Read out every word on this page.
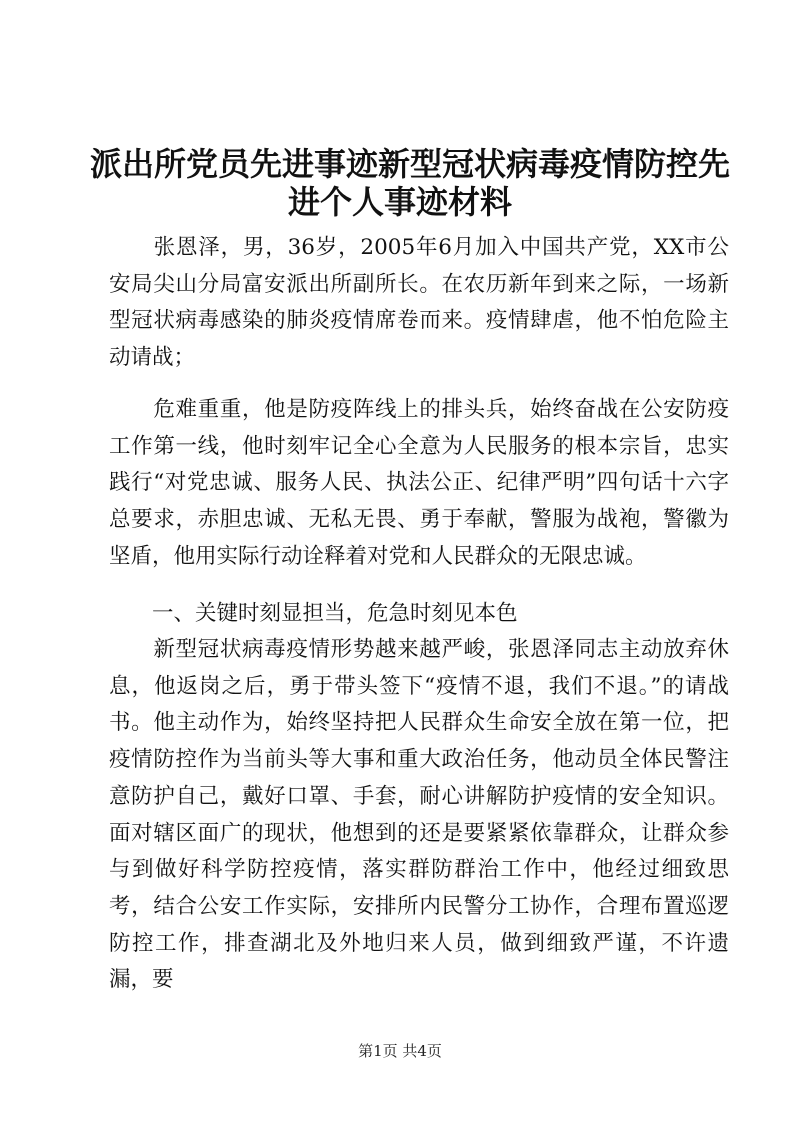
派出所党员先进事迹新型冠状病毒疫情防控先
进个人事迹材料

　　张恩泽，男，36岁，2005年6月加入中国共产党，XX市公安局尖山分局富安派出所副所长。在农历新年到来之际，一场新型冠状病毒感染的肺炎疫情席卷而来。疫情肆虐，他不怕危险主动请战；

　　危难重重，他是防疫阵线上的排头兵，始终奋战在公安防疫工作第一线，他时刻牢记全心全意为人民服务的根本宗旨，忠实践行“对党忠诚、服务人民、执法公正、纪律严明”四句话十六字总要求，赤胆忠诚、无私无畏、勇于奉献，警服为战袍，警徽为坚盾，他用实际行动诠释着对党和人民群众的无限忠诚。

　　一、关键时刻显担当，危急时刻见本色

　　新型冠状病毒疫情形势越来越严峻，张恩泽同志主动放弃休息，他返岗之后，勇于带头签下“疫情不退，我们不退。”的请战书。他主动作为，始终坚持把人民群众生命安全放在第一位，把疫情防控作为当前头等大事和重大政治任务，他动员全体民警注意防护自己，戴好口罩、手套，耐心讲解防护疫情的安全知识。面对辖区面广的现状，他想到的还是要紧紧依靠群众，让群众参与到做好科学防控疫情，落实群防群治工作中，他经过细致思考，结合公安工作实际，安排所内民警分工协作，合理布置巡逻防控工作，排查湖北及外地归来人员，做到细致严谨，不许遗漏，要

第1页 共4页
